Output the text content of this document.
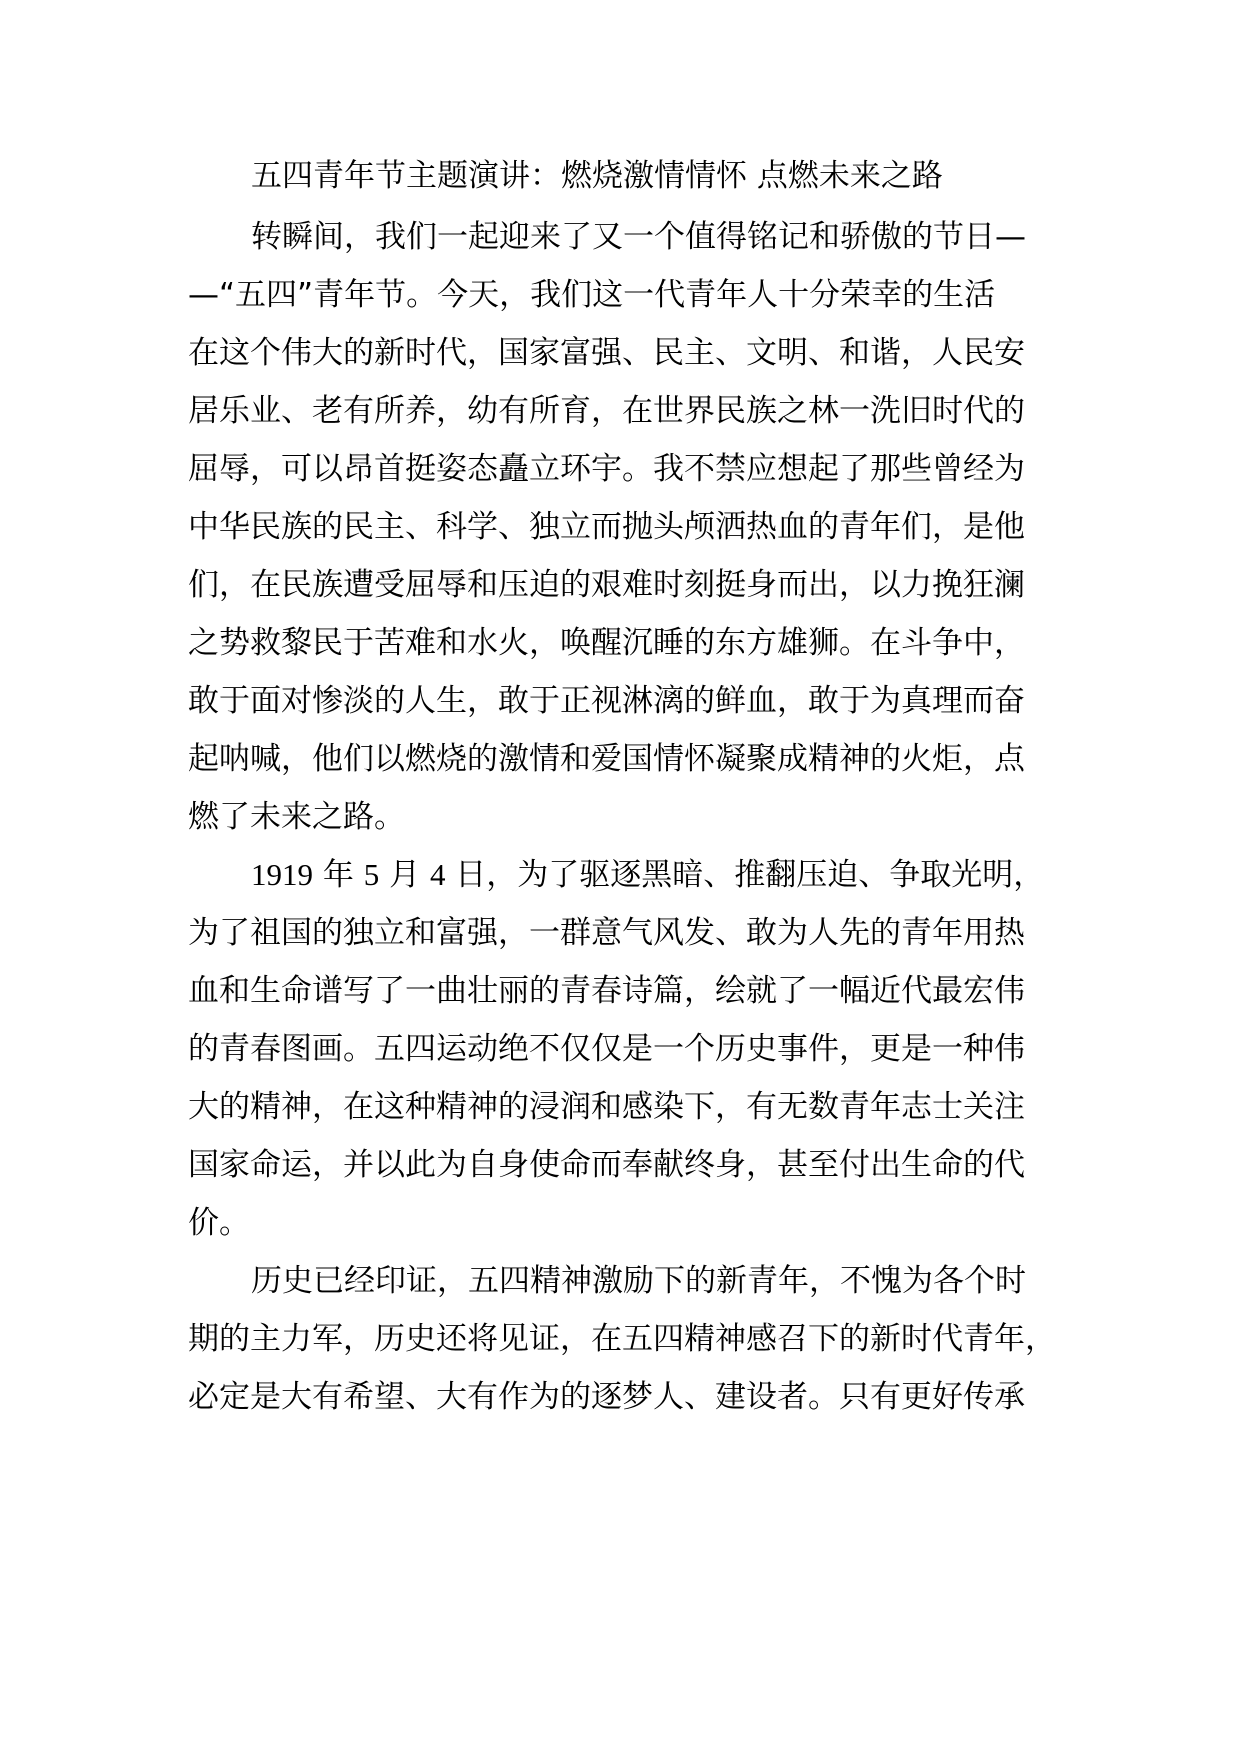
五四青年节主题演讲：燃烧激情情怀 点燃未来之路
转瞬间，我们一起迎来了又一个值得铭记和骄傲的节日—
—“五四”青年节。今天，我们这一代青年人十分荣幸的生活
在这个伟大的新时代，国家富强、民主、文明、和谐，人民安
居乐业、老有所养，幼有所育，在世界民族之林一洗旧时代的
屈辱，可以昂首挺姿态矗立环宇。我不禁应想起了那些曾经为
中华民族的民主、科学、独立而抛头颅洒热血的青年们，是他
们，在民族遭受屈辱和压迫的艰难时刻挺身而出，以力挽狂澜
之势救黎民于苦难和水火，唤醒沉睡的东方雄狮。在斗争中，
敢于面对惨淡的人生，敢于正视淋漓的鲜血，敢于为真理而奋
起呐喊，他们以燃烧的激情和爱国情怀凝聚成精神的火炬，点
燃了未来之路。
1919 年 5 月 4 日，为了驱逐黑暗、推翻压迫、争取光明，
为了祖国的独立和富强，一群意气风发、敢为人先的青年用热
血和生命谱写了一曲壮丽的青春诗篇，绘就了一幅近代最宏伟
的青春图画。五四运动绝不仅仅是一个历史事件，更是一种伟
大的精神，在这种精神的浸润和感染下，有无数青年志士关注
国家命运，并以此为自身使命而奉献终身，甚至付出生命的代
价。
历史已经印证，五四精神激励下的新青年，不愧为各个时
期的主力军，历史还将见证，在五四精神感召下的新时代青年，
必定是大有希望、大有作为的逐梦人、建设者。只有更好传承
